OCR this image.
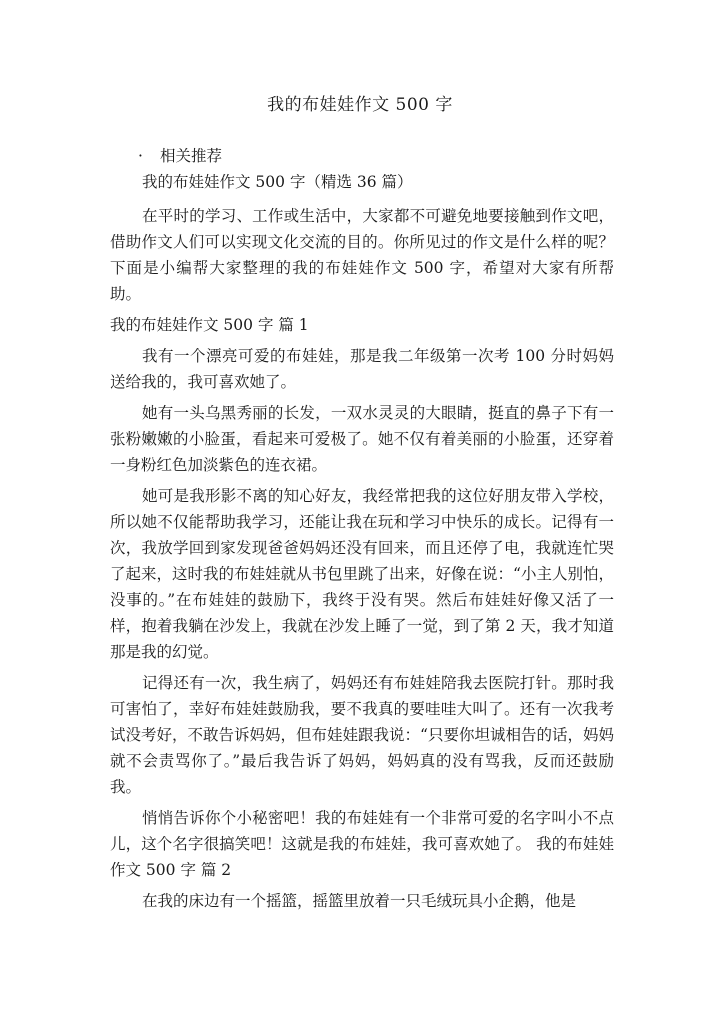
我的布娃娃作文 500 字
· 相关推荐
我的布娃娃作文 500 字（精选 36 篇）
在平时的学习、工作或生活中，大家都不可避免地要接触到作文吧，借助作文人们可以实现文化交流的目的。你所见过的作文是什么样的呢？下面是小编帮大家整理的我的布娃娃作文 500 字，希望对大家有所帮助。
我的布娃娃作文 500 字 篇 1
我有一个漂亮可爱的布娃娃，那是我二年级第一次考 100 分时妈妈送给我的，我可喜欢她了。
她有一头乌黑秀丽的长发，一双水灵灵的大眼睛，挺直的鼻子下有一张粉嫩嫩的小脸蛋，看起来可爱极了。她不仅有着美丽的小脸蛋，还穿着一身粉红色加淡紫色的连衣裙。
她可是我形影不离的知心好友，我经常把我的这位好朋友带入学校，所以她不仅能帮助我学习，还能让我在玩和学习中快乐的成长。记得有一次，我放学回到家发现爸爸妈妈还没有回来，而且还停了电，我就连忙哭了起来，这时我的布娃娃就从书包里跳了出来，好像在说：“小主人别怕，没事的。”在布娃娃的鼓励下，我终于没有哭。然后布娃娃好像又活了一样，抱着我躺在沙发上，我就在沙发上睡了一觉，到了第 2 天，我才知道那是我的幻觉。
记得还有一次，我生病了，妈妈还有布娃娃陪我去医院打针。那时我可害怕了，幸好布娃娃鼓励我，要不我真的要哇哇大叫了。还有一次我考试没考好，不敢告诉妈妈，但布娃娃跟我说：“只要你坦诚相告的话，妈妈就不会责骂你了。”最后我告诉了妈妈，妈妈真的没有骂我，反而还鼓励我。
悄悄告诉你个小秘密吧！我的布娃娃有一个非常可爱的名字叫小不点儿，这个名字很搞笑吧！这就是我的布娃娃，我可喜欢她了。 我的布娃娃作文 500 字 篇 2
在我的床边有一个摇篮，摇篮里放着一只毛绒玩具小企鹅，他是
